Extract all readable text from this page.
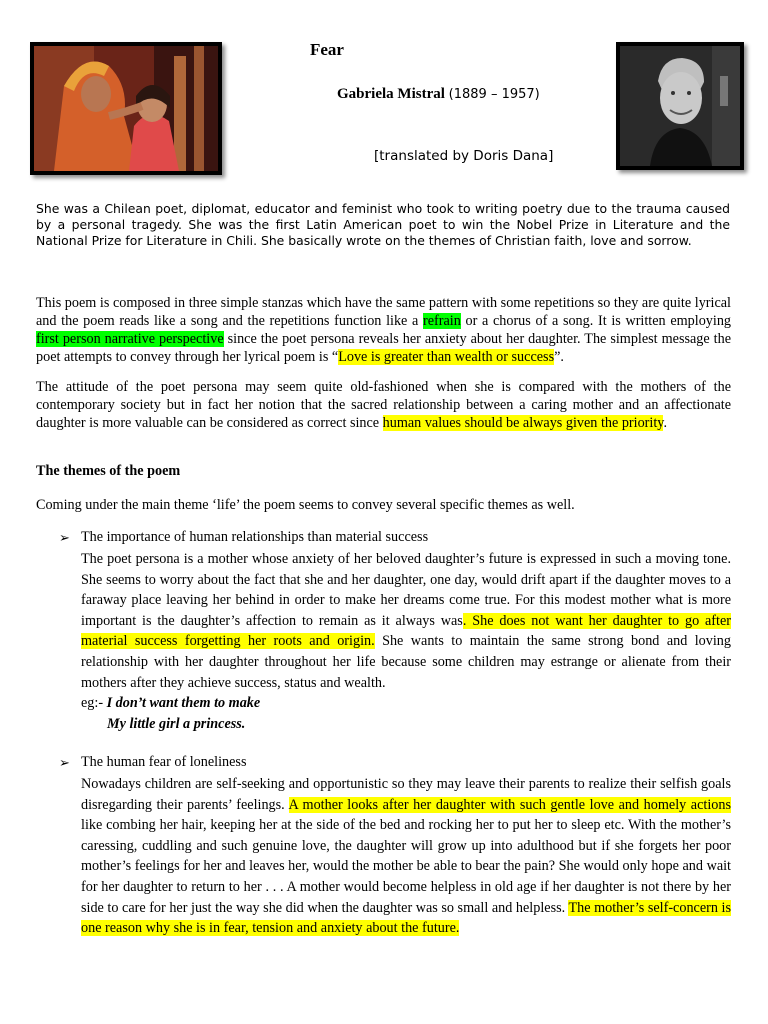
Fear
Gabriela Mistral (1889 – 1957)
[translated by Doris Dana]

She was a Chilean poet, diplomat, educator and feminist who took to writing poetry due to the trauma caused by a personal tragedy. She was the first Latin American poet to win the Nobel Prize in Literature and the National Prize for Literature in Chili. She basically wrote on the themes of Christian faith, love and sorrow.

This poem is composed in three simple stanzas which have the same pattern with some repetitions so they are quite lyrical and the poem reads like a song and the repetitions function like a refrain or a chorus of a song. It is written employing first person narrative perspective since the poet persona reveals her anxiety about her daughter. The simplest message the poet attempts to convey through her lyrical poem is “Love is greater than wealth or success”.

The attitude of the poet persona may seem quite old-fashioned when she is compared with the mothers of the contemporary society but in fact her notion that the sacred relationship between a caring mother and an affectionate daughter is more valuable can be considered as correct since human values should be always given the priority.

The themes of the poem
Coming under the main theme ‘life’ the poem seems to convey several specific themes as well.
➢ The importance of human relationships than material success

The poet persona is a mother whose anxiety of her beloved daughter’s future is expressed in such a moving tone. She seems to worry about the fact that she and her daughter, one day, would drift apart if the daughter moves to a faraway place leaving her behind in order to make her dreams come true. For this modest mother what is more important is the daughter’s affection to remain as it always was. She does not want her daughter to go after material success forgetting her roots and origin. She wants to maintain the same strong bond and loving relationship with her daughter throughout her life because some children may estrange or alienate from their mothers after they achieve success, status and wealth.

eg:- I don’t want them to make
My little girl a princess.
➢ The human fear of loneliness

Nowadays children are self-seeking and opportunistic so they may leave their parents to realize their selfish goals disregarding their parents’ feelings. A mother looks after her daughter with such gentle love and homely actions like combing her hair, keeping her at the side of the bed and rocking her to put her to sleep etc. With the mother’s caressing, cuddling and such genuine love, the daughter will grow up into adulthood but if she forgets her poor mother’s feelings for her and leaves her, would the mother be able to bear the pain? She would only hope and wait for her daughter to return to her . . . A mother would become helpless in old age if her daughter is not there by her side to care for her just the way she did when the daughter was so small and helpless. The mother’s self-concern is one reason why she is in fear, tension and anxiety about the future.
